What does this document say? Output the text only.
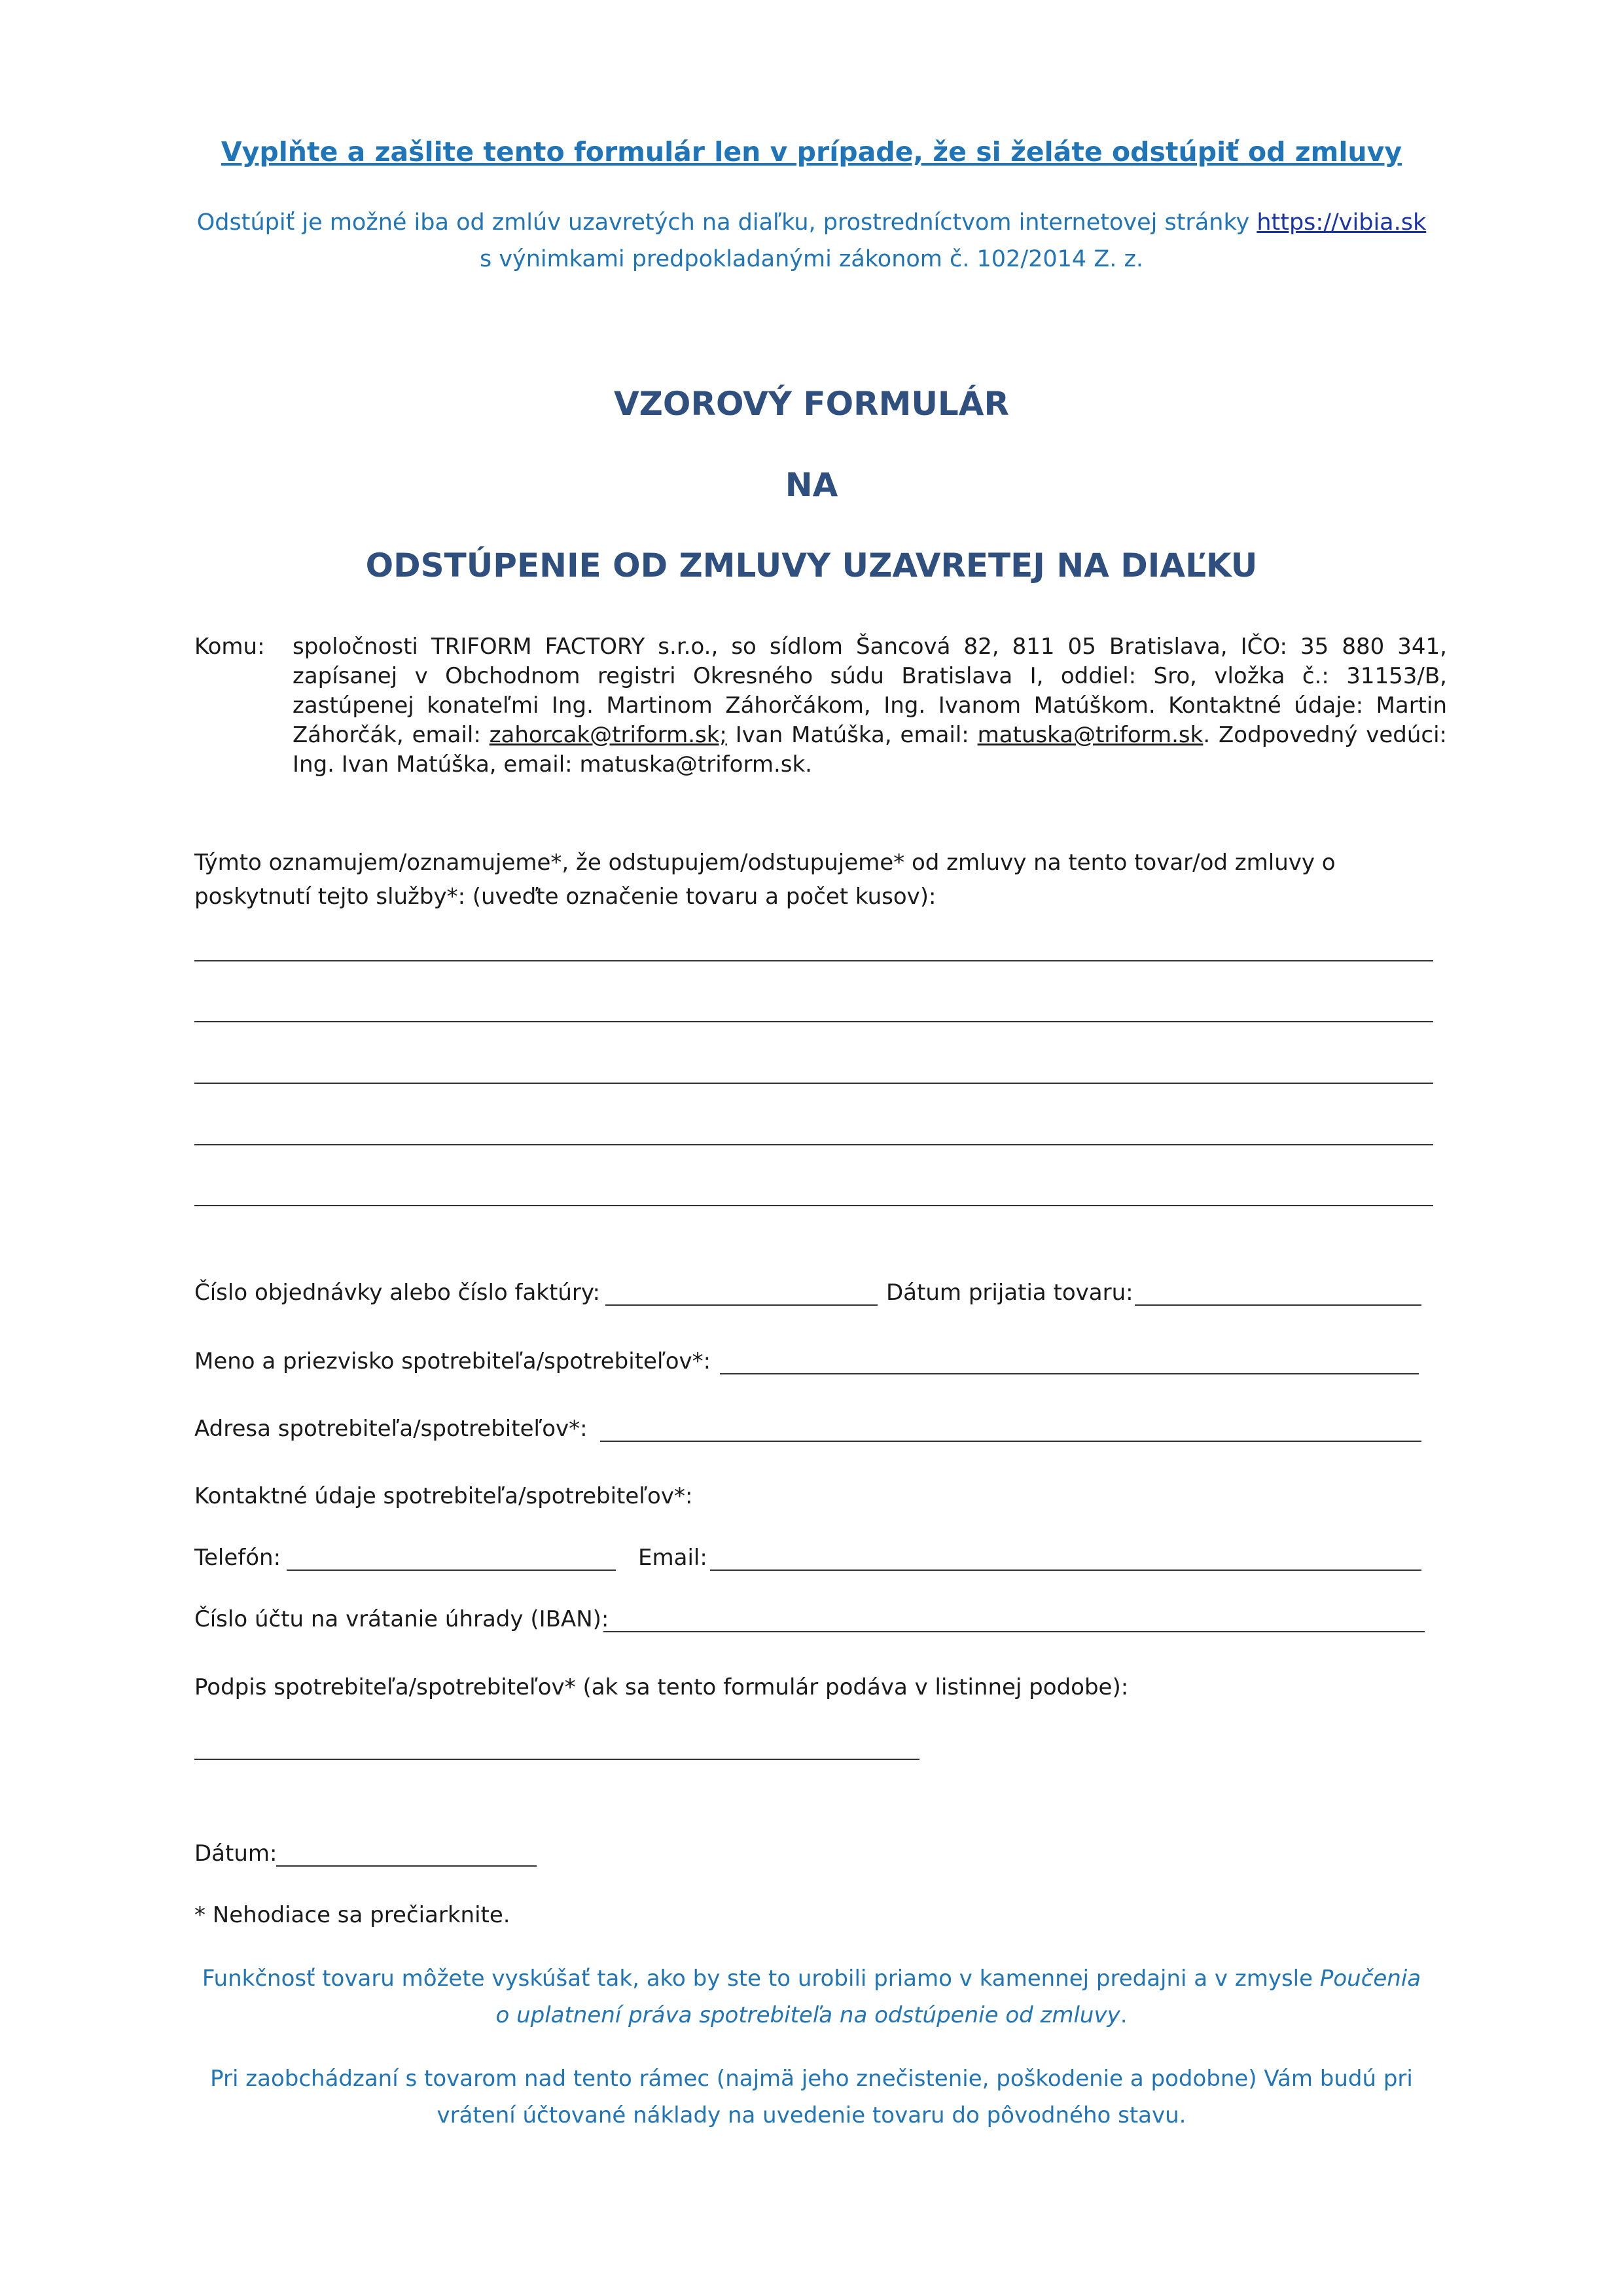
Vyplňte a zašlite tento formulár len v prípade, že si želáte odstúpiť od zmluvy
Odstúpiť je možné iba od zmlúv uzavretých na diaľku, prostredníctvom internetovej stránky https://vibia.sk
s výnimkami predpokladanými zákonom č. 102/2014 Z. z.
VZOROVÝ FORMULÁR
NA
ODSTÚPENIE OD ZMLUVY UZAVRETEJ NA DIAĽKU
Komu: spoločnosti TRIFORM FACTORY s.r.o., so sídlom Šancová 82, 811 05 Bratislava, IČO: 35 880 341, zapísanej v Obchodnom registri Okresného súdu Bratislava I, oddiel: Sro, vložka č.: 31153/B, zastúpenej konateľmi Ing. Martinom Záhorčákom, Ing. Ivanom Matúškom. Kontaktné údaje: Martin Záhorčák, email: zahorcak@triform.sk; Ivan Matúška, email: matuska@triform.sk. Zodpovedný vedúci: Ing. Ivan Matúška, email: matuska@triform.sk.
Týmto oznamujem/oznamujeme*, že odstupujem/odstupujeme* od zmluvy na tento tovar/od zmluvy o poskytnutí tejto služby*: (uveďte označenie tovaru a počet kusov):
Číslo objednávky alebo číslo faktúry:	Dátum prijatia tovaru:
Meno a priezvisko spotrebiteľa/spotrebiteľov*:
Adresa spotrebiteľa/spotrebiteľov*:
Kontaktné údaje spotrebiteľa/spotrebiteľov*:
Telefón:	Email:
Číslo účtu na vrátanie úhrady (IBAN):
Podpis spotrebiteľa/spotrebiteľov* (ak sa tento formulár podáva v listinnej podobe):
Dátum:
* Nehodiace sa prečiarknite.
Funkčnosť tovaru môžete vyskúšať tak, ako by ste to urobili priamo v kamennej predajni a v zmysle Poučenia
o uplatnení práva spotrebiteľa na odstúpenie od zmluvy.
Pri zaobchádzaní s tovarom nad tento rámec (najmä jeho znečistenie, poškodenie a podobne) Vám budú pri
vrátení účtované náklady na uvedenie tovaru do pôvodného stavu.
